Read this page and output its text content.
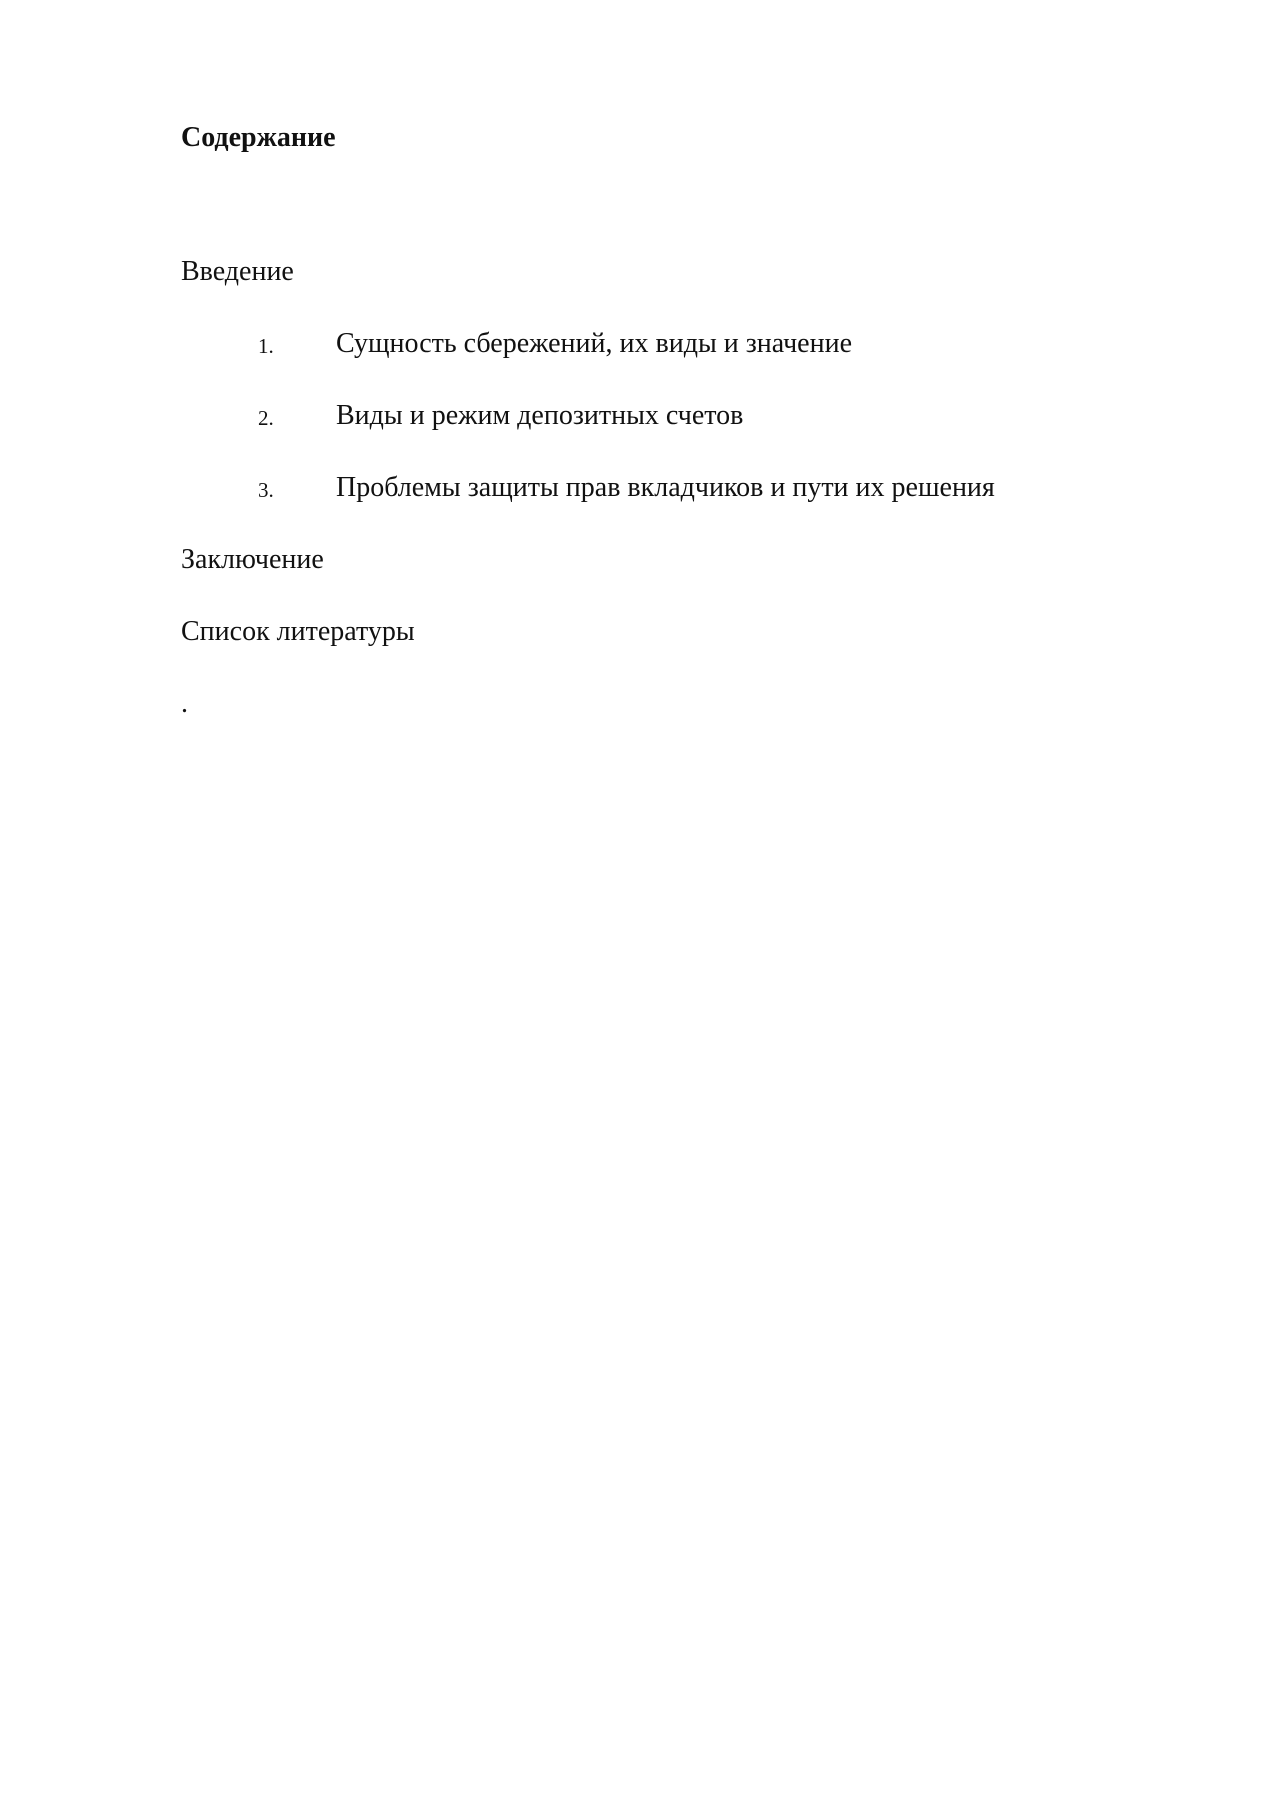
Содержание
Введение
1. Сущность сбережений, их виды и значение
2. Виды и режим депозитных счетов
3. Проблемы защиты прав вкладчиков и пути их решения
Заключение
Список литературы
.
